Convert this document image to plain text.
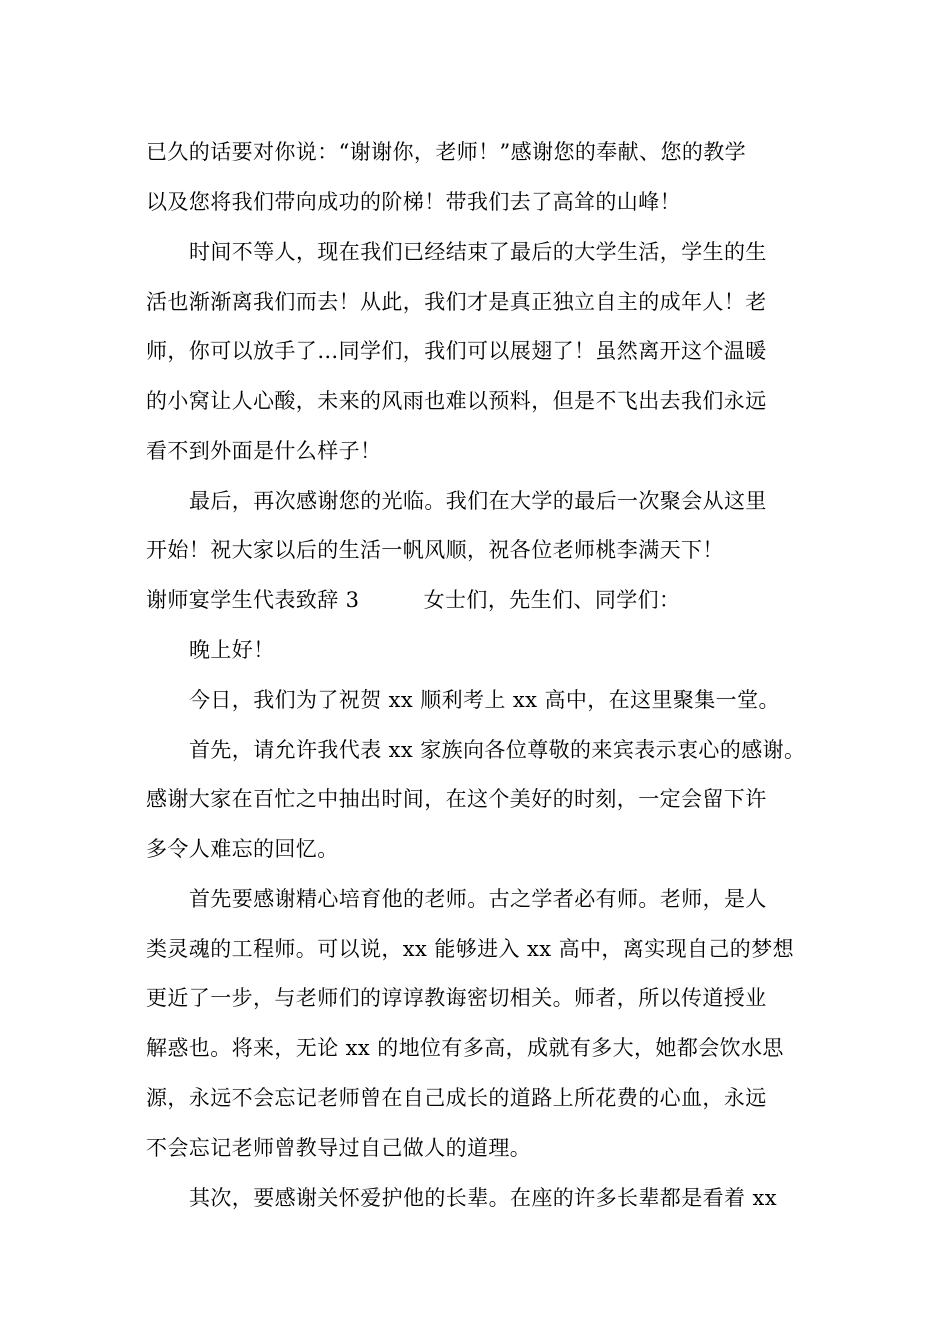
已久的话要对你说：“谢谢你，老师！”感谢您的奉献、您的教学
以及您将我们带向成功的阶梯！带我们去了高耸的山峰！
时间不等人，现在我们已经结束了最后的大学生活，学生的生
活也渐渐离我们而去！从此，我们才是真正独立自主的成年人！老
师，你可以放手了…同学们，我们可以展翅了！虽然离开这个温暖
的小窝让人心酸，未来的风雨也难以预料，但是不飞出去我们永远
看不到外面是什么样子！
最后，再次感谢您的光临。我们在大学的最后一次聚会从这里
开始！祝大家以后的生活一帆风顺，祝各位老师桃李满天下！
谢师宴学生代表致辞 3　　　女士们，先生们、同学们：
晚上好！
今日，我们为了祝贺 xx 顺利考上 xx 高中，在这里聚集一堂。
首先，请允许我代表 xx 家族向各位尊敬的来宾表示衷心的感谢。
感谢大家在百忙之中抽出时间，在这个美好的时刻，一定会留下许
多令人难忘的回忆。
首先要感谢精心培育他的老师。古之学者必有师。老师，是人
类灵魂的工程师。可以说，xx 能够进入 xx 高中，离实现自己的梦想
更近了一步，与老师们的谆谆教诲密切相关。师者，所以传道授业
解惑也。将来，无论 xx 的地位有多高，成就有多大，她都会饮水思
源，永远不会忘记老师曾在自己成长的道路上所花费的心血，永远
不会忘记老师曾教导过自己做人的道理。
其次，要感谢关怀爱护他的长辈。在座的许多长辈都是看着 xx
